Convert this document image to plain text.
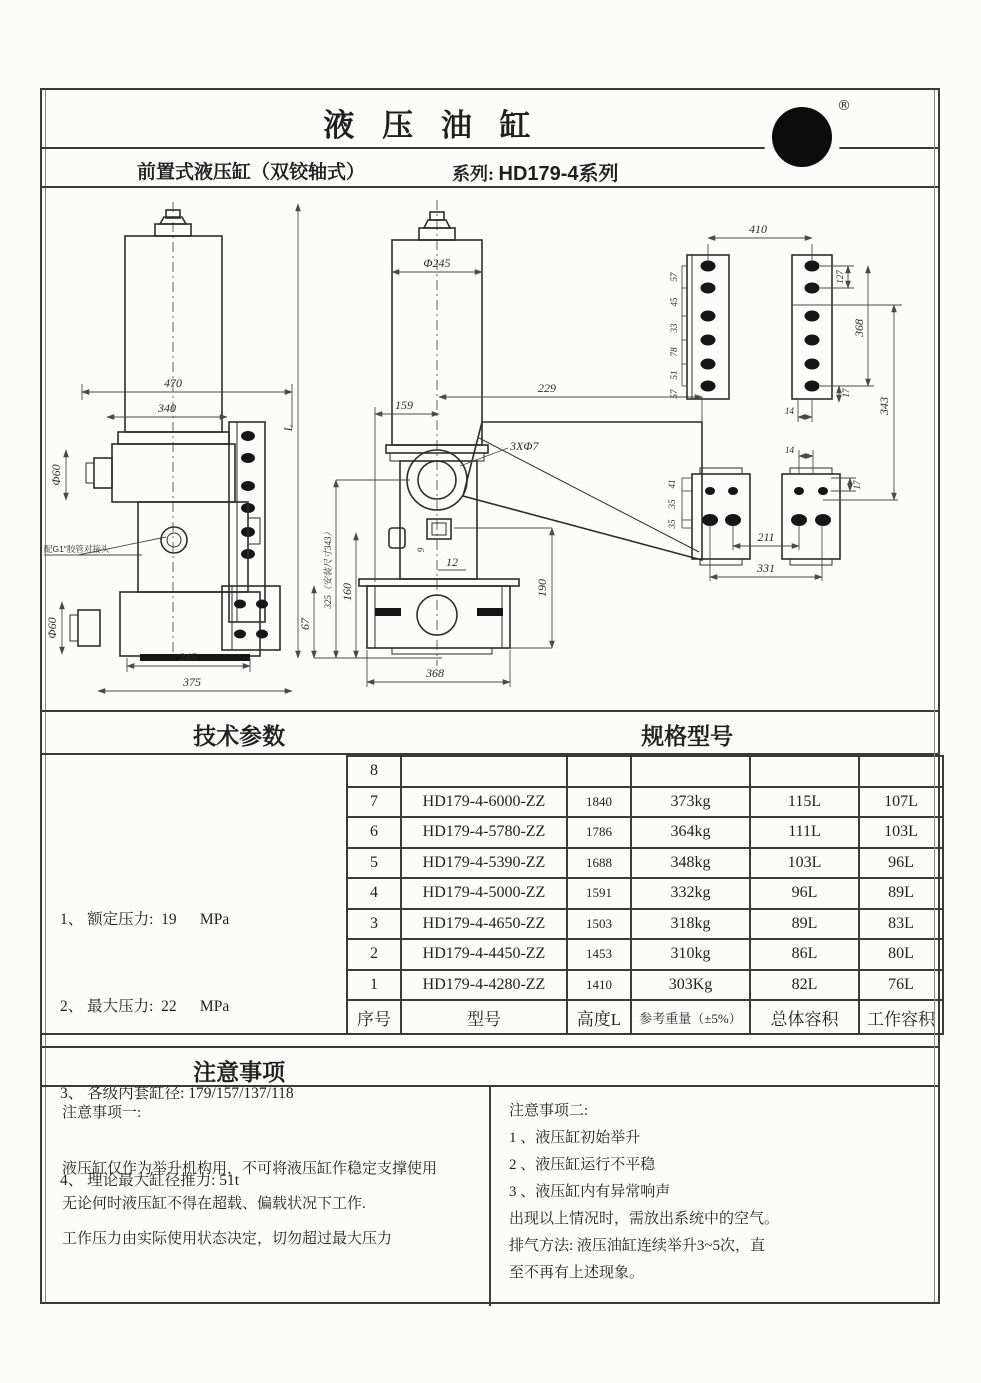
液 压 油 缸
®
前置式液压缸（双铰轴式）	系列: HD179-4系列
配G1″胶管对接头
470
340
Φ60
Φ60
245
375
3XΦ7
Φ245
229
159
L
325（安装尺寸343） 160
67
190
12
9
368
410
57
45
33
78
51
57
127
368
343
17
14
41
35
35
14
17
211
331
技术参数	规格型号

1、 额定压力:  19      MPa

2、 最大压力:  22      MPa

3、 各级内套缸径: 179/157/137/118

4、 理论最大缸径推力: 51t

8					
7	HD179-4-6000-ZZ	1840	373kg	115L	107L
6	HD179-4-5780-ZZ	1786	364kg	111L	103L
5	HD179-4-5390-ZZ	1688	348kg	103L	96L
4	HD179-4-5000-ZZ	1591	332kg	96L	89L
3	HD179-4-4650-ZZ	1503	318kg	89L	83L
2	HD179-4-4450-ZZ	1453	310kg	86L	80L
1	HD179-4-4280-ZZ	1410	303Kg	82L	76L
序号	型号	高度L	参考重量（±5%）	总体容积	工作容积
注意事项
注意事项一:
液压缸仅作为举升机构用，不可将液压缸作稳定支撑使用
无论何时液压缸不得在超载、偏载状况下工作.
工作压力由实际使用状态决定，切勿超过最大压力
注意事项二:
1 、液压缸初始举升
2 、液压缸运行不平稳
3 、液压缸内有异常响声
出现以上情况时，需放出系统中的空气。
排气方法: 液压油缸连续举升3~5次，直
至不再有上述现象。
